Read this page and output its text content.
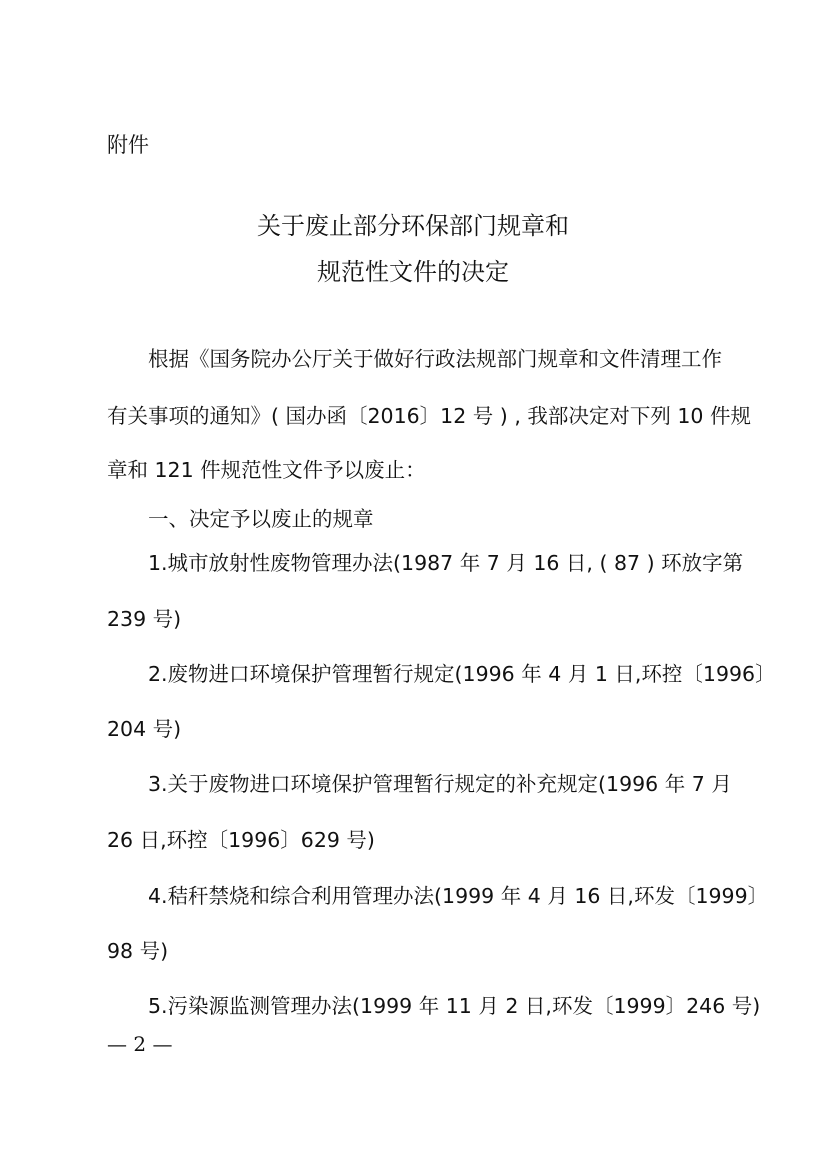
附件
关于废止部分环保部门规章和
规范性文件的决定
根据《国务院办公厅关于做好行政法规部门规章和文件清理工作
有关事项的通知》( 国办函〔2016〕12 号 ) , 我部决定对下列 10 件规
章和 121 件规范性文件予以废止：
一、决定予以废止的规章
1.城市放射性废物管理办法(1987 年 7 月 16 日, ( 87 ) 环放字第
239 号)
2.废物进口环境保护管理暂行规定(1996 年 4 月 1 日,环控〔1996〕
204 号)
3.关于废物进口环境保护管理暂行规定的补充规定(1996 年 7 月
26 日,环控〔1996〕629 号)
4.秸秆禁烧和综合利用管理办法(1999 年 4 月 16 日,环发〔1999〕
98 号)
5.污染源监测管理办法(1999 年 11 月 2 日,环发〔1999〕246 号)
— 2 —
